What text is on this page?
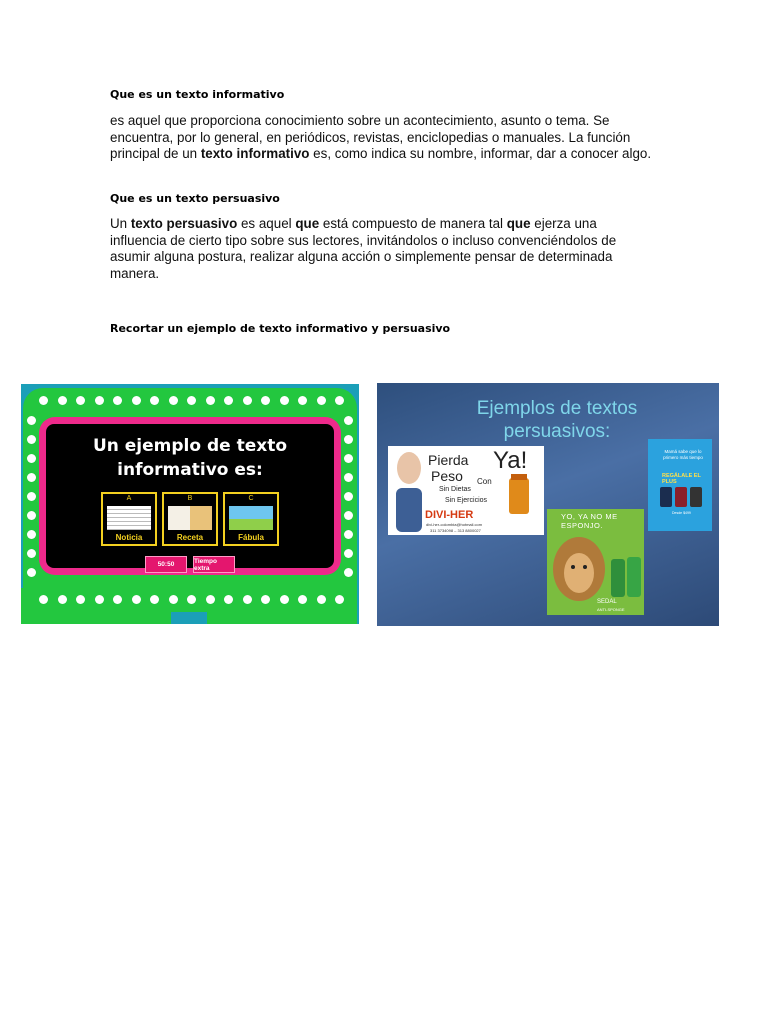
Que es un texto informativo

es aquel que proporciona conocimiento sobre un acontecimiento, asunto o tema. Se encuentra, por lo general, en periódicos, revistas, enciclopedias o manuales. La función principal de un texto informativo es, como indica su nombre, informar, dar a conocer algo.

Que es un texto persuasivo

Un texto persuasivo es aquel que está compuesto de manera tal que ejerza una influencia de cierto tipo sobre sus lectores, invitándolos o incluso convenciéndolos de asumir alguna postura, realizar alguna acción o simplemente pensar de determinada manera.

Recortar un ejemplo de texto informativo y persuasivo
Un ejemplo de texto informativo es:
A
Noticia
B
Receta
C
Fábula
50:50	Tiempo extra
Ejemplos de textos persuasivos:
Pierda
Peso Con
Ya!
Sin Dietas
Sin Ejercicios
DIVI-HER
divi-her-colombia@hotmail.com
311 3734098 – 313 8800027
YO, YA NO ME
ESPONJO.
SEDAL
ANTI-SPONGE
Mamá sabe que lo primero más tiempo
REGÁLALE EL PLUS
Desde $499
